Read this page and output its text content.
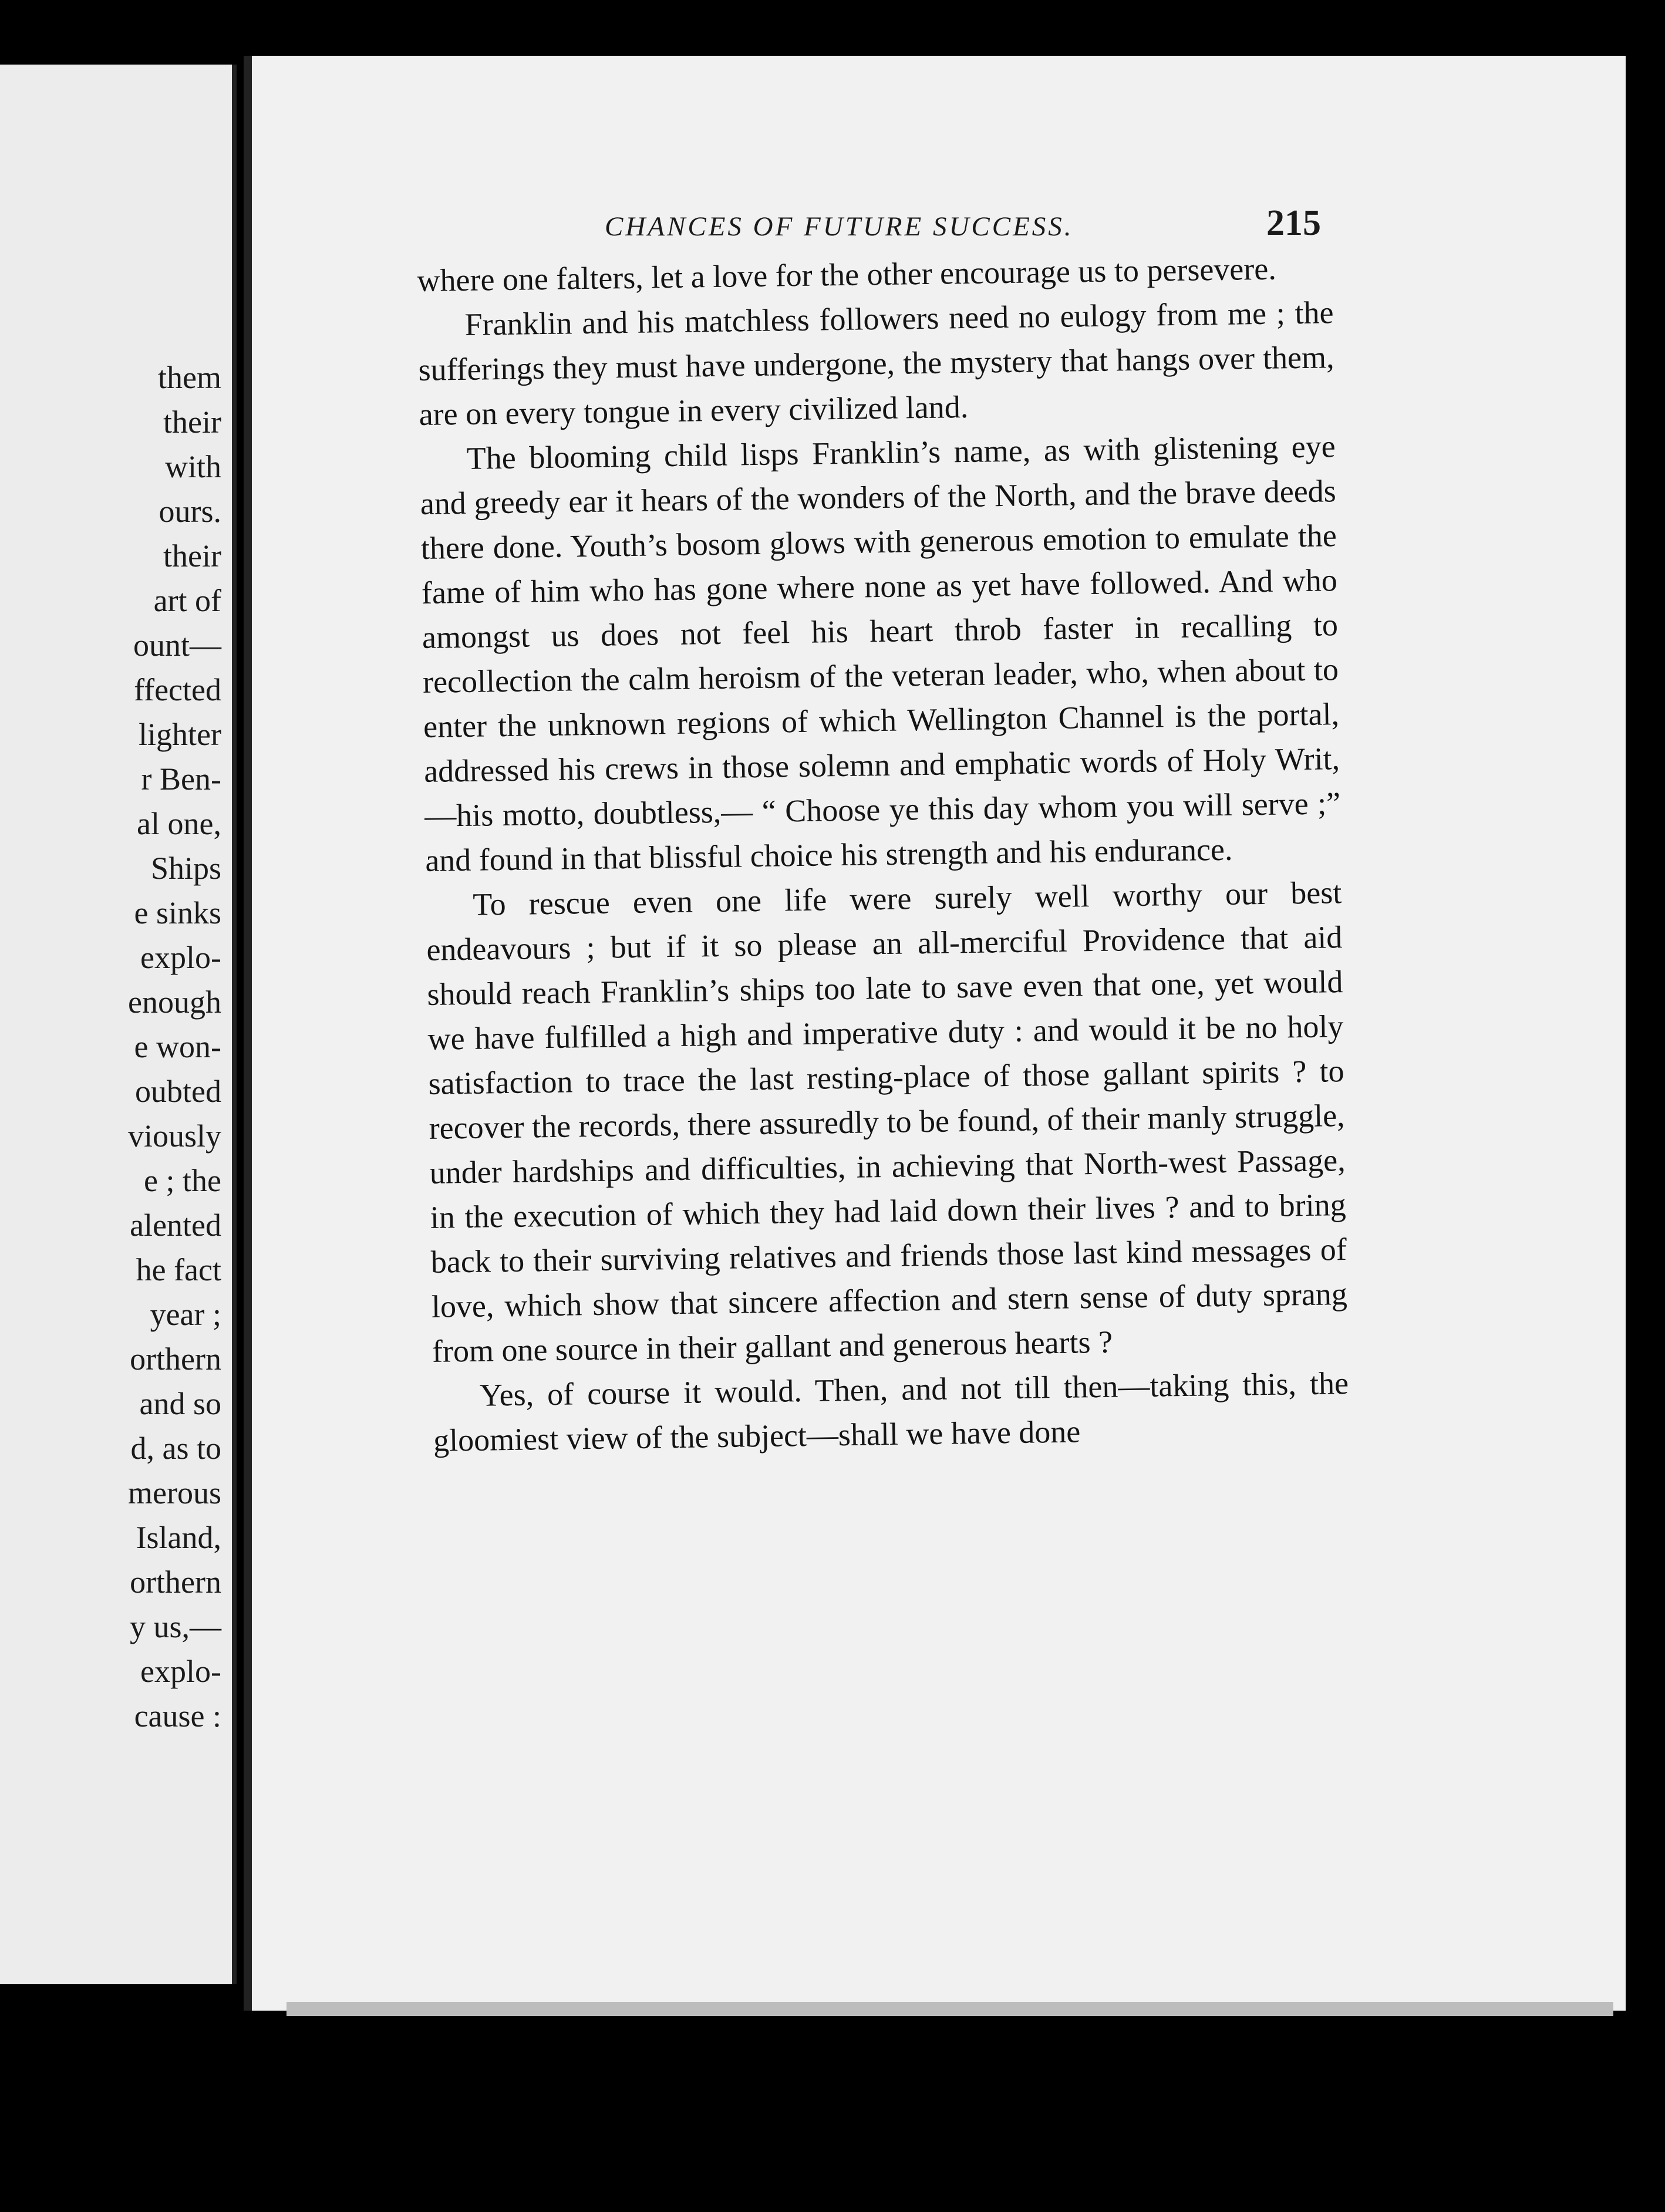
them
their
with
ours.
their
art of
ount—
ffected
lighter
r Ben-
al one,
Ships
e sinks
explo-
enough
e won-
oubted
viously
e ; the
alented
he fact
year ;
orthern
and so
d, as to
merous
Island,
orthern
y us,—
explo-
cause :
CHANCES OF FUTURE SUCCESS.	215

where one falters, let a love for the other encourage us to persevere.

Franklin and his matchless followers need no eulogy from me ; the sufferings they must have undergone, the mystery that hangs over them, are on every tongue in every civilized land.

The blooming child lisps Franklin’s name, as with glistening eye and greedy ear it hears of the wonders of the North, and the brave deeds there done. Youth’s bosom glows with generous emotion to emulate the fame of him who has gone where none as yet have followed. And who amongst us does not feel his heart throb faster in recalling to recollection the calm heroism of the veteran leader, who, when about to enter the unknown regions of which Wellington Channel is the portal, addressed his crews in those solemn and emphatic words of Holy Writ,—his motto, doubtless,— “ Choose ye this day whom you will serve ;” and found in that blissful choice his strength and his endurance.

To rescue even one life were surely well worthy our best endeavours ; but if it so please an all-merciful Providence that aid should reach Franklin’s ships too late to save even that one, yet would we have fulfilled a high and imperative duty : and would it be no holy satisfaction to trace the last resting-place of those gallant spirits ? to recover the records, there assuredly to be found, of their manly struggle, under hardships and difficulties, in achieving that North-west Passage, in the execution of which they had laid down their lives ? and to bring back to their surviving relatives and friends those last kind messages of love, which show that sincere affection and stern sense of duty sprang from one source in their gallant and generous hearts ?

Yes, of course it would. Then, and not till then—taking this, the gloomiest view of the subject—shall we have done
